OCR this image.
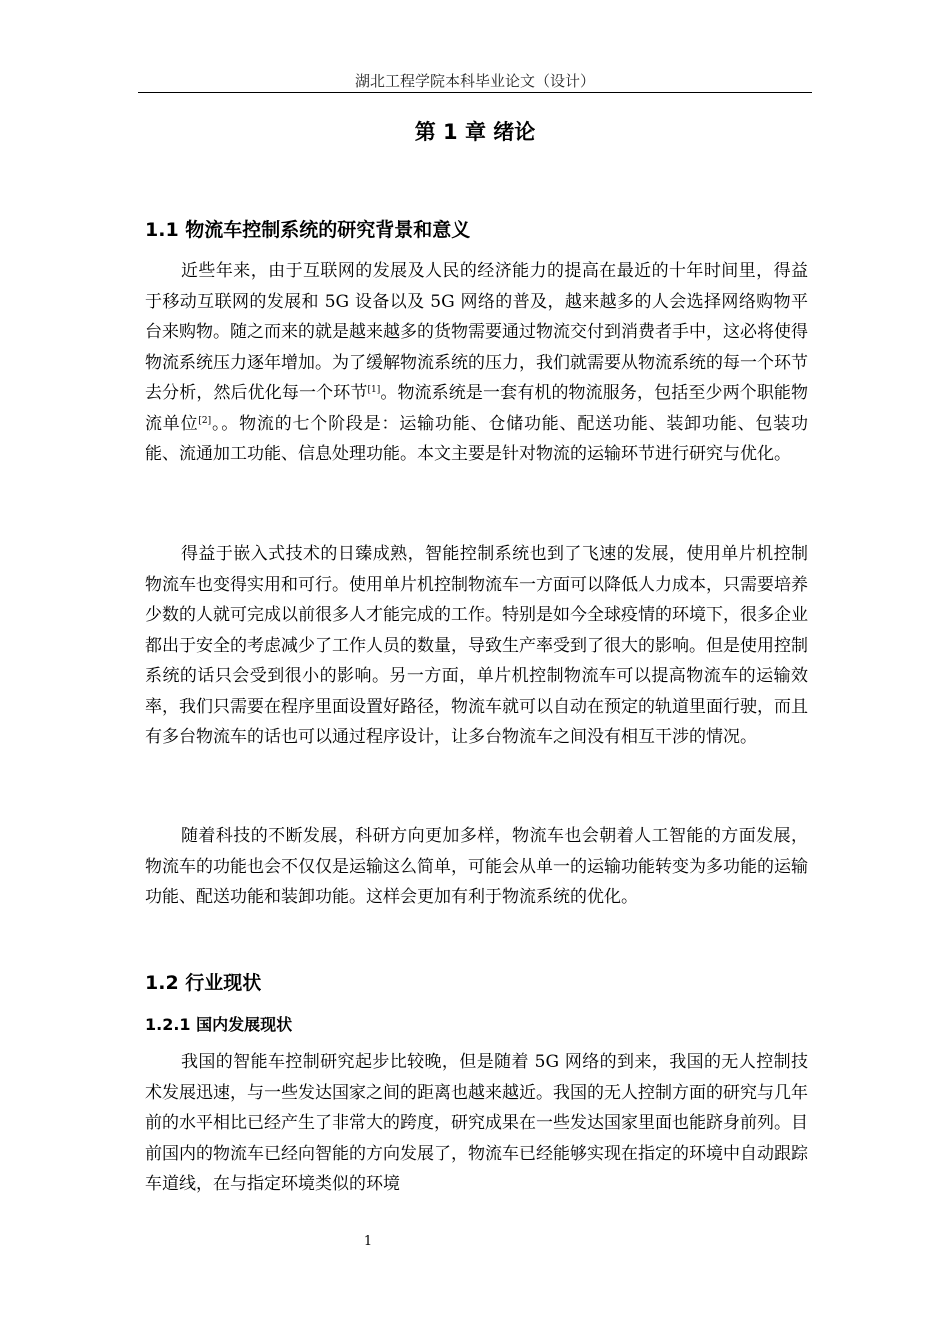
湖北工程学院本科毕业论文（设计）
第 1 章 绪论
1.1 物流车控制系统的研究背景和意义

近些年来，由于互联网的发展及人民的经济能力的提高在最近的十年时间里，得益于移动互联网的发展和 5G 设备以及 5G 网络的普及，越来越多的人会选择网络购物平台来购物。随之而来的就是越来越多的货物需要通过物流交付到消费者手中，这必将使得物流系统压力逐年增加。为了缓解物流系统的压力，我们就需要从物流系统的每一个环节去分析，然后优化每一个环节[1]。物流系统是一套有机的物流服务，包括至少两个职能物流单位[2]。。物流的七个阶段是：运输功能、仓储功能、配送功能、装卸功能、包装功能、流通加工功能、信息处理功能。本文主要是针对物流的运输环节进行研究与优化。

得益于嵌入式技术的日臻成熟，智能控制系统也到了飞速的发展，使用单片机控制物流车也变得实用和可行。使用单片机控制物流车一方面可以降低人力成本，只需要培养少数的人就可完成以前很多人才能完成的工作。特别是如今全球疫情的环境下，很多企业都出于安全的考虑减少了工作人员的数量，导致生产率受到了很大的影响。但是使用控制系统的话只会受到很小的影响。另一方面，单片机控制物流车可以提高物流车的运输效率，我们只需要在程序里面设置好路径，物流车就可以自动在预定的轨道里面行驶，而且有多台物流车的话也可以通过程序设计，让多台物流车之间没有相互干涉的情况。

随着科技的不断发展，科研方向更加多样，物流车也会朝着人工智能的方面发展，物流车的功能也会不仅仅是运输这么简单，可能会从单一的运输功能转变为多功能的运输功能、配送功能和装卸功能。这样会更加有利于物流系统的优化。

1.2 行业现状
1.2.1 国内发展现状

我国的智能车控制研究起步比较晚，但是随着 5G 网络的到来，我国的无人控制技术发展迅速，与一些发达国家之间的距离也越来越近。我国的无人控制方面的研究与几年前的水平相比已经产生了非常大的跨度，研究成果在一些发达国家里面也能跻身前列。目前国内的物流车已经向智能的方向发展了，物流车已经能够实现在指定的环境中自动跟踪车道线，在与指定环境类似的环境

1
